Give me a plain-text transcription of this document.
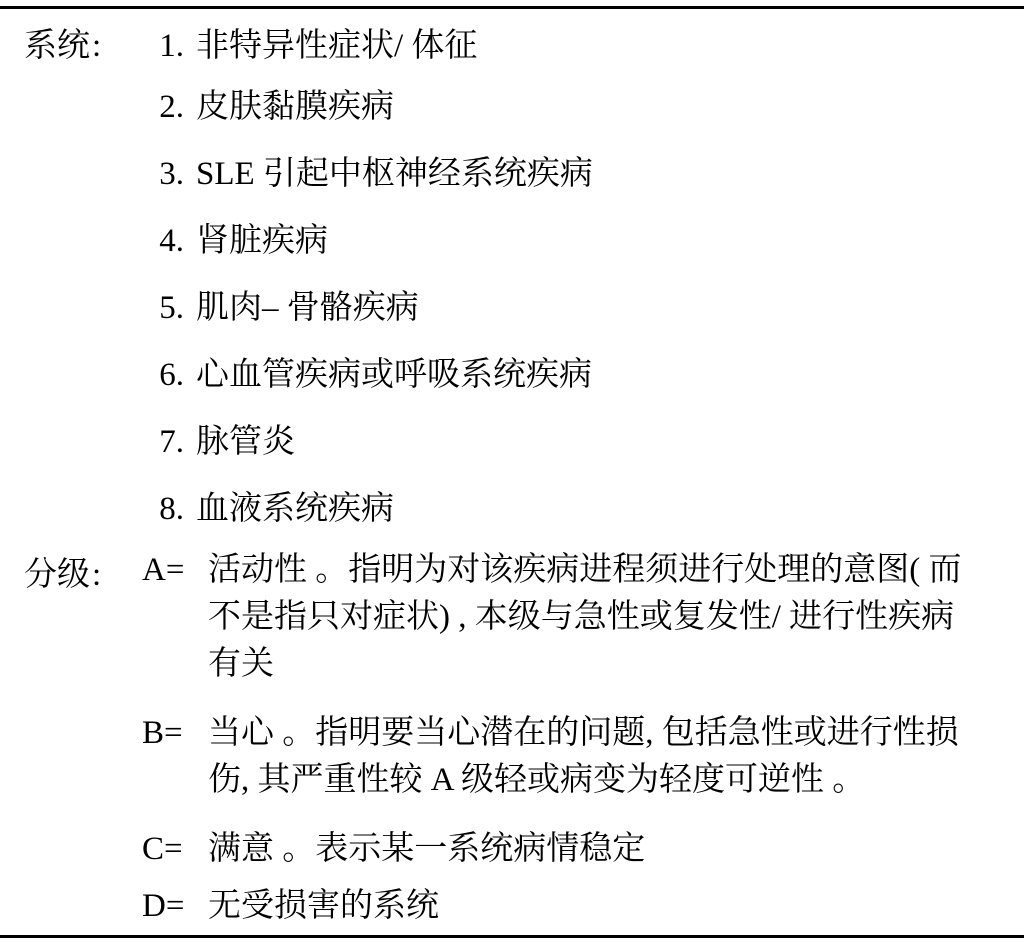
系统:	1. 非特异性症状/ 体征
2. 皮肤黏膜疾病
3. SLE 引起中枢神经系统疾病
4. 肾脏疾病
5. 肌肉– 骨骼疾病
6. 心血管疾病或呼吸系统疾病
7. 脉管炎
8. 血液系统疾病
分级:	A= 活动性 。指明为对该疾病进程须进行处理的意图( 而不是指只对症状) , 本级与急性或复发性/ 进行性疾病有关
B= 当心 。指明要当心潜在的问题, 包括急性或进行性损伤, 其严重性较 A 级轻或病变为轻度可逆性 。
C= 满意 。表示某一系统病情稳定
D= 无受损害的系统
